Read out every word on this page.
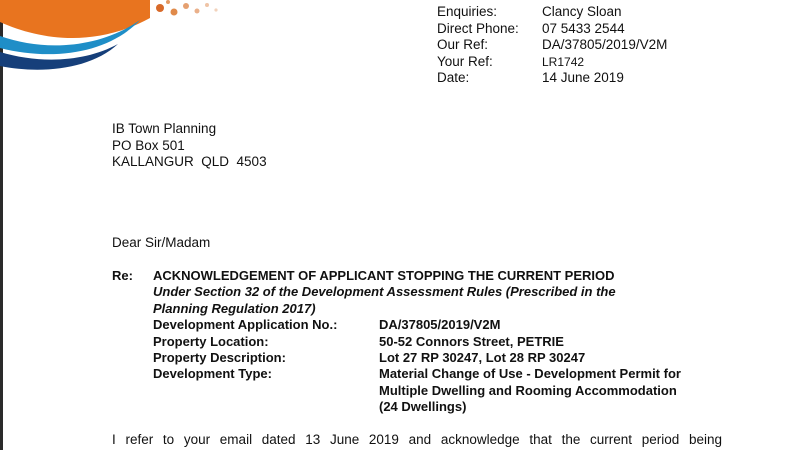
Enquiries:	Clancy Sloan
Direct Phone:	07 5433 2544
Our Ref:	DA/37805/2019/V2M
Your Ref:	LR1742
Date:	14 June 2019
IB Town Planning
PO Box 501
KALLANGUR  QLD  4503
Dear Sir/Madam
Re: ACKNOWLEDGEMENT OF APPLICANT STOPPING THE CURRENT PERIOD
Under Section 32 of the Development Assessment Rules (Prescribed in the
Planning Regulation 2017)
Development Application No.:	DA/37805/2019/V2M
Property Location:	50-52 Connors Street, PETRIE
Property Description:	Lot 27 RP 30247, Lot 28 RP 30247
Development Type:	Material Change of Use - Development Permit for Multiple Dwelling and Rooming Accommodation (24 Dwellings)
I refer to your email dated 13 June 2019 and acknowledge that the current period being
